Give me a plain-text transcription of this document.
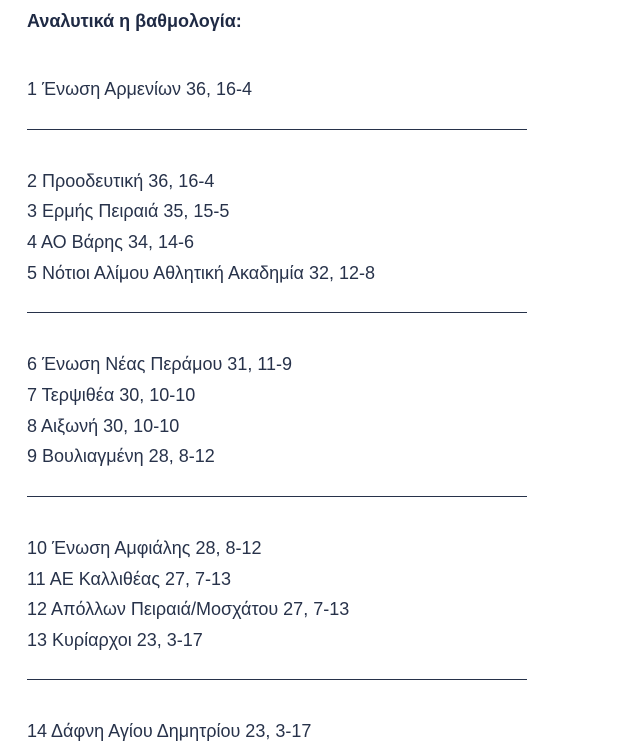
Αναλυτικά η βαθμολογία:
1 Ένωση Αρμενίων 36, 16-4
2 Προοδευτική 36, 16-4
3 Ερμής Πειραιά 35, 15-5
4 ΑΟ Βάρης 34, 14-6
5 Νότιοι Αλίμου Αθλητική Ακαδημία 32, 12-8
6 Ένωση Νέας Περάμου 31, 11-9
7 Τερψιθέα 30, 10-10
8 Αιξωνή 30, 10-10
9 Βουλιαγμένη 28, 8-12
10 Ένωση Αμφιάλης 28, 8-12
11 ΑΕ Καλλιθέας 27, 7-13
12 Απόλλων Πειραιά/Μοσχάτου 27, 7-13
13 Κυρίαρχοι 23, 3-17
14 Δάφνη Αγίου Δημητρίου 23, 3-17
